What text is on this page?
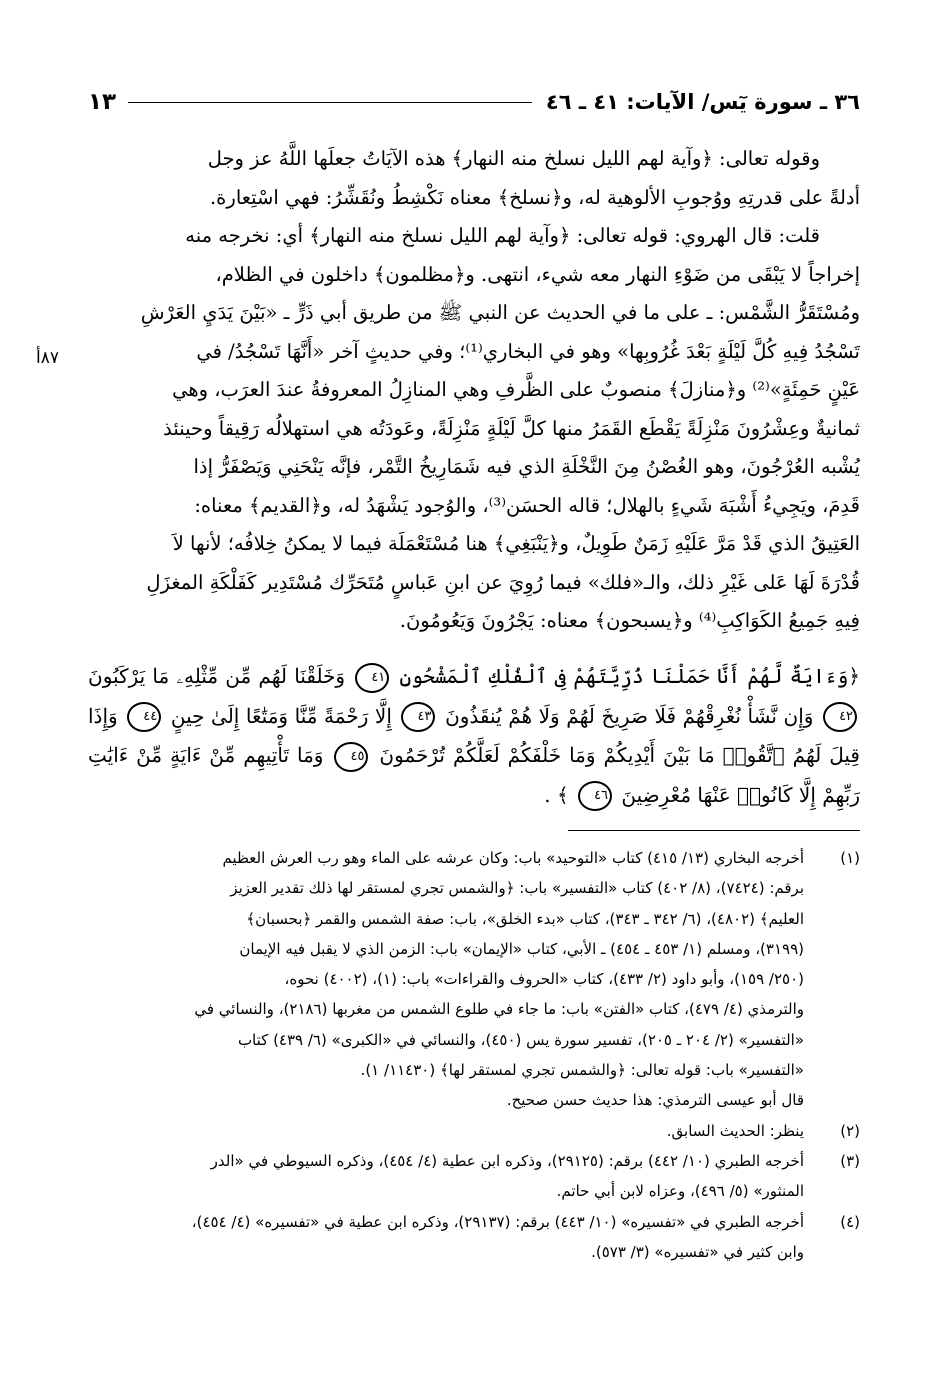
٣٦ ـ سورة يٓس/ الآيات: ٤١ ـ ٤٦
١٣
٨٧أ

وقوله تعالى: ﴿وآية لهم الليل نسلخ منه النهار﴾ هذه الآيَاتُ جعلَها اللَّهُ عز وجل

أدلةً على قدرتِهِ ووُجوبِ الألوهية له، و﴿نسلخ﴾ معناه نَكْشِطُ ونُقَشِّرُ: فهي اسْتِعارة.

قلت: قال الهروي: قوله تعالى: ﴿وآية لهم الليل نسلخ منه النهار﴾ أي: نخرجه منه

إخراجاً لا يَبْقَى من ضَوْءِ النهار معه شيء، انتهى. و﴿مظلمون﴾ داخلون في الظلام،

ومُسْتَقَرُّ الشَّمْس: ـ على ما في الحديث عن النبي ﷺ من طريق أبي ذَرٍّ ـ «بَيْنَ يَدَيِ العَرْشِ

تَسْجُدُ فِيهِ كُلَّ لَيْلَةٍ بَعْدَ غُرُوبِها» وهو في البخاري⁽¹⁾؛ وفي حديثٍ آخر «أَنَّهَا تَسْجُدُ/ في

عَيْنٍ حَمِئَةٍ»⁽²⁾ و﴿منازلَ﴾ منصوبٌ على الظَّرفِ وهي المنازِلُ المعروفةُ عندَ العرَب، وهي

ثمانيةٌ وعِشْرُونَ مَنْزِلَةً يَقْطَع القَمَرُ منها كلَّ لَيْلَةٍ مَنْزِلَةً، وعَودَتُه هي استهلالُه رَقِيقاً وحينئذ

يُشْبه العُرْجُونَ، وهو الغُصْنُ مِنَ النَّخْلَةِ الذي فيه شَمَارِيخُ التَّمْر، فإنَّه يَنْحَنِي وَيَصْفَرُّ إذا

قَدِمَ، ويَجِيءُ أَشْبَهَ شَيءٍ بالهلال؛ قاله الحسَن⁽³⁾، والوُجود يَشْهَدُ له، و﴿القديم﴾ معناه:

العَتِيقُ الذي قَدْ مَرَّ عَلَيْهِ زَمَنٌ طَوِيلٌ، و﴿يَنْبَغِي﴾ هنا مُسْتَعْمَلَة فيما لا يمكنُ خِلافُه؛ لأنها لاَ

قُدْرَةَ لَهَا عَلى غَيْرِ ذلك، والـ«فلك» فيما رُوِيَ عن ابنِ عَباسٍ مُتَحَرِّك مُسْتَدِير كَفَلْكَةِ المغزَلِ

فِيهِ جَمِيعُ الكَوَاكِبِ⁽⁴⁾ و﴿يسبحون﴾ معناه: يَجْرُونَ وَيَعُومُونَ.

﴿وَءَايَةٌ لَّهُمْ أَنَّا حَمَلْنَا ذُرِّيَّتَهُمْ فِى ٱلْفُلْكِ ٱلْمَشْحُونِ ٤١ وَخَلَقْنَا لَهُم مِّن مِّثْلِهِۦ مَا يَرْكَبُونَ ٤٢ وَإِن نَّشَأْ نُغْرِقْهُمْ فَلَا صَرِيخَ لَهُمْ وَلَا هُمْ يُنقَذُونَ ٤٣ إِلَّا رَحْمَةً مِّنَّا وَمَتَٰعًا إِلَىٰ حِينٍ ٤٤ وَإِذَا قِيلَ لَهُمُ ٱتَّقُوا۟ مَا بَيْنَ أَيْدِيكُمْ وَمَا خَلْفَكُمْ لَعَلَّكُمْ تُرْحَمُونَ ٤٥ وَمَا تَأْتِيهِم مِّنْ ءَايَةٍ مِّنْ ءَايَٰتِ رَبِّهِمْ إِلَّا كَانُوا۟ عَنْهَا مُعْرِضِينَ ٤٦ ﴾ .

(١)
أخرجه البخاري (١٣/ ٤١٥) كتاب «التوحيد» باب: وكان عرشه على الماء وهو رب العرش العظيم
برقم: (٧٤٢٤)، (٨/ ٤٠٢) كتاب «التفسير» باب: ﴿والشمس تجري لمستقر لها ذلك تقدير العزيز
العليم﴾ (٤٨٠٢)، (٦/ ٣٤٢ ـ ٣٤٣)، كتاب «بدء الخلق»، باب: صفة الشمس والقمر ﴿بحسبان﴾
(٣١٩٩)، ومسلم (١/ ٤٥٣ ـ ٤٥٤) ـ الأبي، كتاب «الإيمان» باب: الزمن الذي لا يقبل فيه الإيمان
(٢٥٠/ ١٥٩)، وأبو داود (٢/ ٤٣٣)، كتاب «الحروف والقراءات» باب: (١)، (٤٠٠٢) نحوه،
والترمذي (٤/ ٤٧٩)، كتاب «الفتن» باب: ما جاء في طلوع الشمس من مغربها (٢١٨٦)، والنسائي في
«التفسير» (٢/ ٢٠٤ ـ ٢٠٥)، تفسير سورة يس (٤٥٠)، والنسائي في «الكبرى» (٦/ ٤٣٩) كتاب
«التفسير» باب: قوله تعالى: ﴿والشمس تجري لمستقر لها﴾ (١١٤٣٠/ ١).
قال أبو عيسى الترمذي: هذا حديث حسن صحيح.
(٢)
ينظر: الحديث السابق.
(٣)
أخرجه الطبري (١٠/ ٤٤٢) برقم: (٢٩١٢٥)، وذكره ابن عطية (٤/ ٤٥٤)، وذكره السيوطي في «الدر
المنثور» (٥/ ٤٩٦)، وعزاه لابن أبي حاتم.
(٤)
أخرجه الطبري في «تفسيره» (١٠/ ٤٤٣) برقم: (٢٩١٣٧)، وذكره ابن عطية في «تفسيره» (٤/ ٤٥٤)،
وابن كثير في «تفسيره» (٣/ ٥٧٣).
